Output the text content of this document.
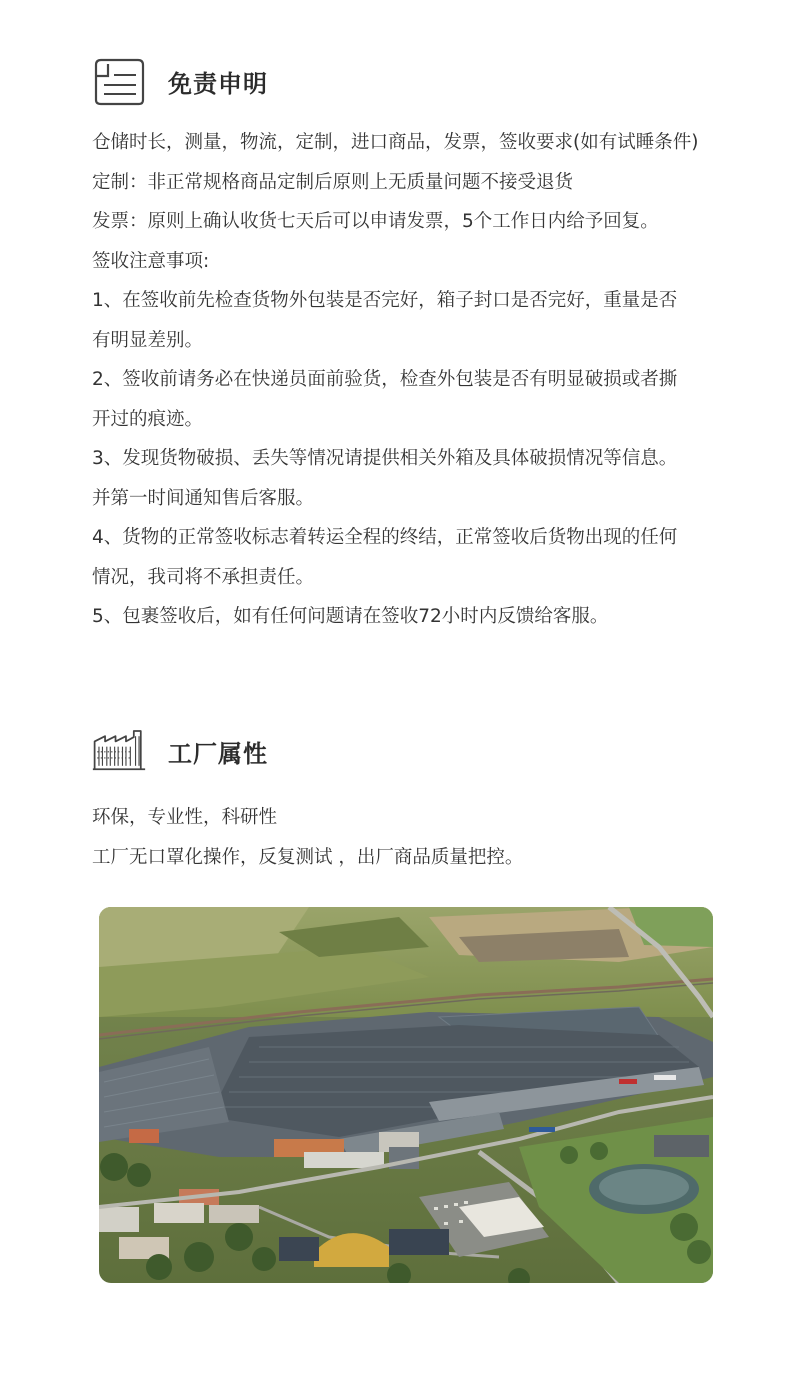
免责申明
仓储时长，测量，物流，定制，进口商品，发票，签收要求(如有试睡条件)
定制：非正常规格商品定制后原则上无质量问题不接受退货
发票：原则上确认收货七天后可以申请发票，5个工作日内给予回复。
签收注意事项:
1、在签收前先检查货物外包装是否完好，箱子封口是否完好，重量是否
有明显差别。
2、签收前请务必在快递员面前验货，检查外包装是否有明显破损或者撕
开过的痕迹。
3、发现货物破损、丢失等情况请提供相关外箱及具体破损情况等信息。
并第一时间通知售后客服。
4、货物的正常签收标志着转运全程的终结，正常签收后货物出现的任何
情况，我司将不承担责任。
5、包裹签收后，如有任何问题请在签收72小时内反馈给客服。
工厂属性
环保，专业性，科研性
工厂无口罩化操作，反复测试 ，出厂商品质量把控。
